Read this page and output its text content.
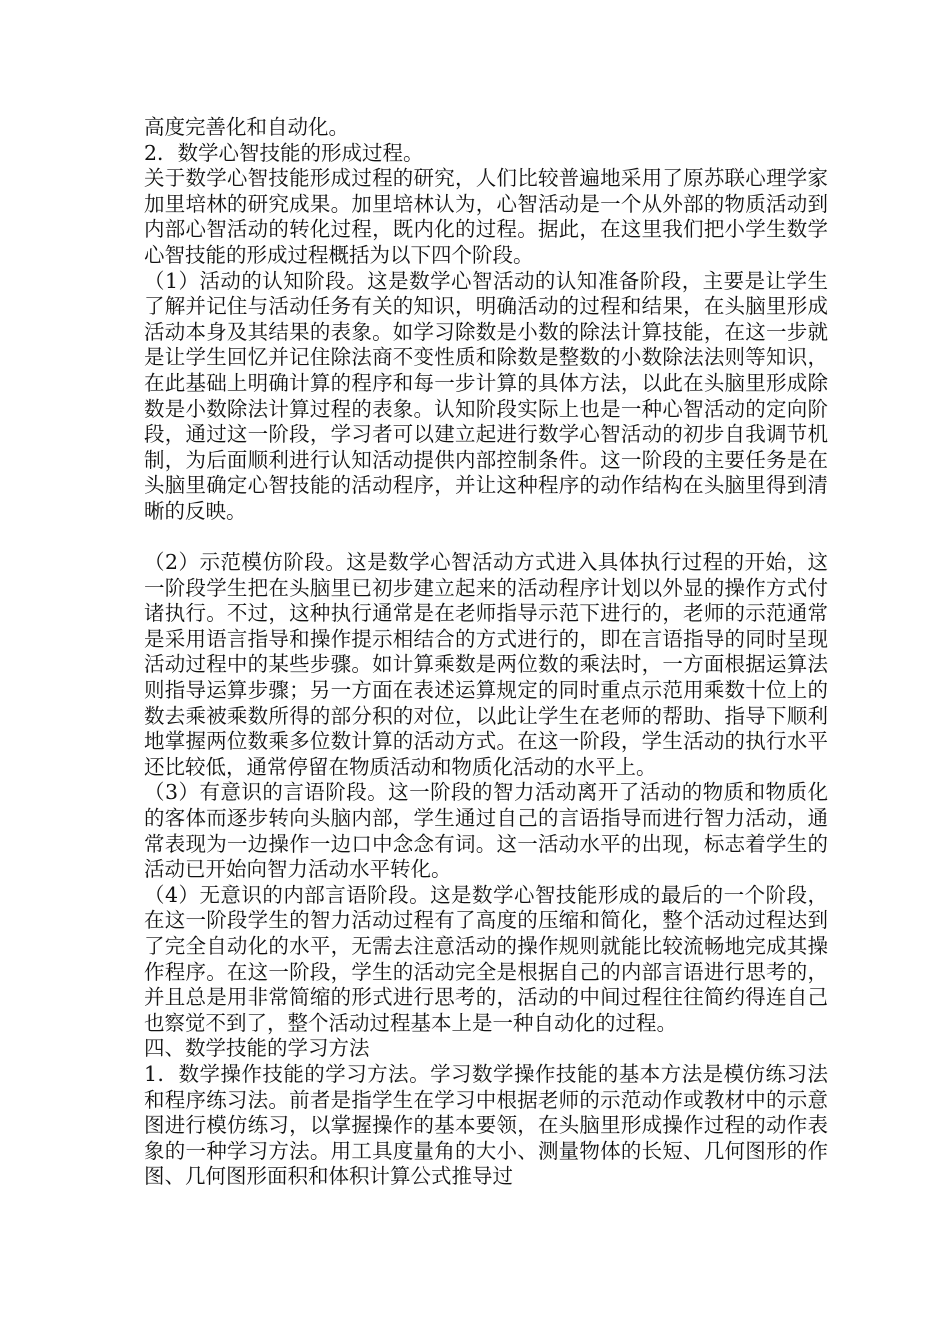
高度完善化和自动化。

2．数学心智技能的形成过程。

关于数学心智技能形成过程的研究，人们比较普遍地采用了原苏联心理学家加里培林的研究成果。加里培林认为，心智活动是一个从外部的物质活动到内部心智活动的转化过程，既内化的过程。据此，在这里我们把小学生数学心智技能的形成过程概括为以下四个阶段。

（1）活动的认知阶段。这是数学心智活动的认知准备阶段，主要是让学生了解并记住与活动任务有关的知识，明确活动的过程和结果，在头脑里形成活动本身及其结果的表象。如学习除数是小数的除法计算技能，在这一步就是让学生回忆并记住除法商不变性质和除数是整数的小数除法法则等知识，在此基础上明确计算的程序和每一步计算的具体方法，以此在头脑里形成除数是小数除法计算过程的表象。认知阶段实际上也是一种心智活动的定向阶段，通过这一阶段，学习者可以建立起进行数学心智活动的初步自我调节机制，为后面顺利进行认知活动提供内部控制条件。这一阶段的主要任务是在头脑里确定心智技能的活动程序，并让这种程序的动作结构在头脑里得到清晰的反映。

（2）示范模仿阶段。这是数学心智活动方式进入具体执行过程的开始，这一阶段学生把在头脑里已初步建立起来的活动程序计划以外显的操作方式付诸执行。不过，这种执行通常是在老师指导示范下进行的，老师的示范通常是采用语言指导和操作提示相结合的方式进行的，即在言语指导的同时呈现活动过程中的某些步骤。如计算乘数是两位数的乘法时，一方面根据运算法则指导运算步骤；另一方面在表述运算规定的同时重点示范用乘数十位上的数去乘被乘数所得的部分积的对位，以此让学生在老师的帮助、指导下顺利地掌握两位数乘多位数计算的活动方式。在这一阶段，学生活动的执行水平还比较低，通常停留在物质活动和物质化活动的水平上。

（3）有意识的言语阶段。这一阶段的智力活动离开了活动的物质和物质化的客体而逐步转向头脑内部，学生通过自己的言语指导而进行智力活动，通常表现为一边操作一边口中念念有词。这一活动水平的出现，标志着学生的活动已开始向智力活动水平转化。

（4）无意识的内部言语阶段。这是数学心智技能形成的最后的一个阶段，在这一阶段学生的智力活动过程有了高度的压缩和简化，整个活动过程达到了完全自动化的水平，无需去注意活动的操作规则就能比较流畅地完成其操作程序。在这一阶段，学生的活动完全是根据自己的内部言语进行思考的，并且总是用非常简缩的形式进行思考的，活动的中间过程往往简约得连自己也察觉不到了，整个活动过程基本上是一种自动化的过程。

四、数学技能的学习方法

1．数学操作技能的学习方法。学习数学操作技能的基本方法是模仿练习法和程序练习法。前者是指学生在学习中根据老师的示范动作或教材中的示意图进行模仿练习，以掌握操作的基本要领，在头脑里形成操作过程的动作表象的一种学习方法。用工具度量角的大小、测量物体的长短、几何图形的作图、几何图形面积和体积计算公式推导过
